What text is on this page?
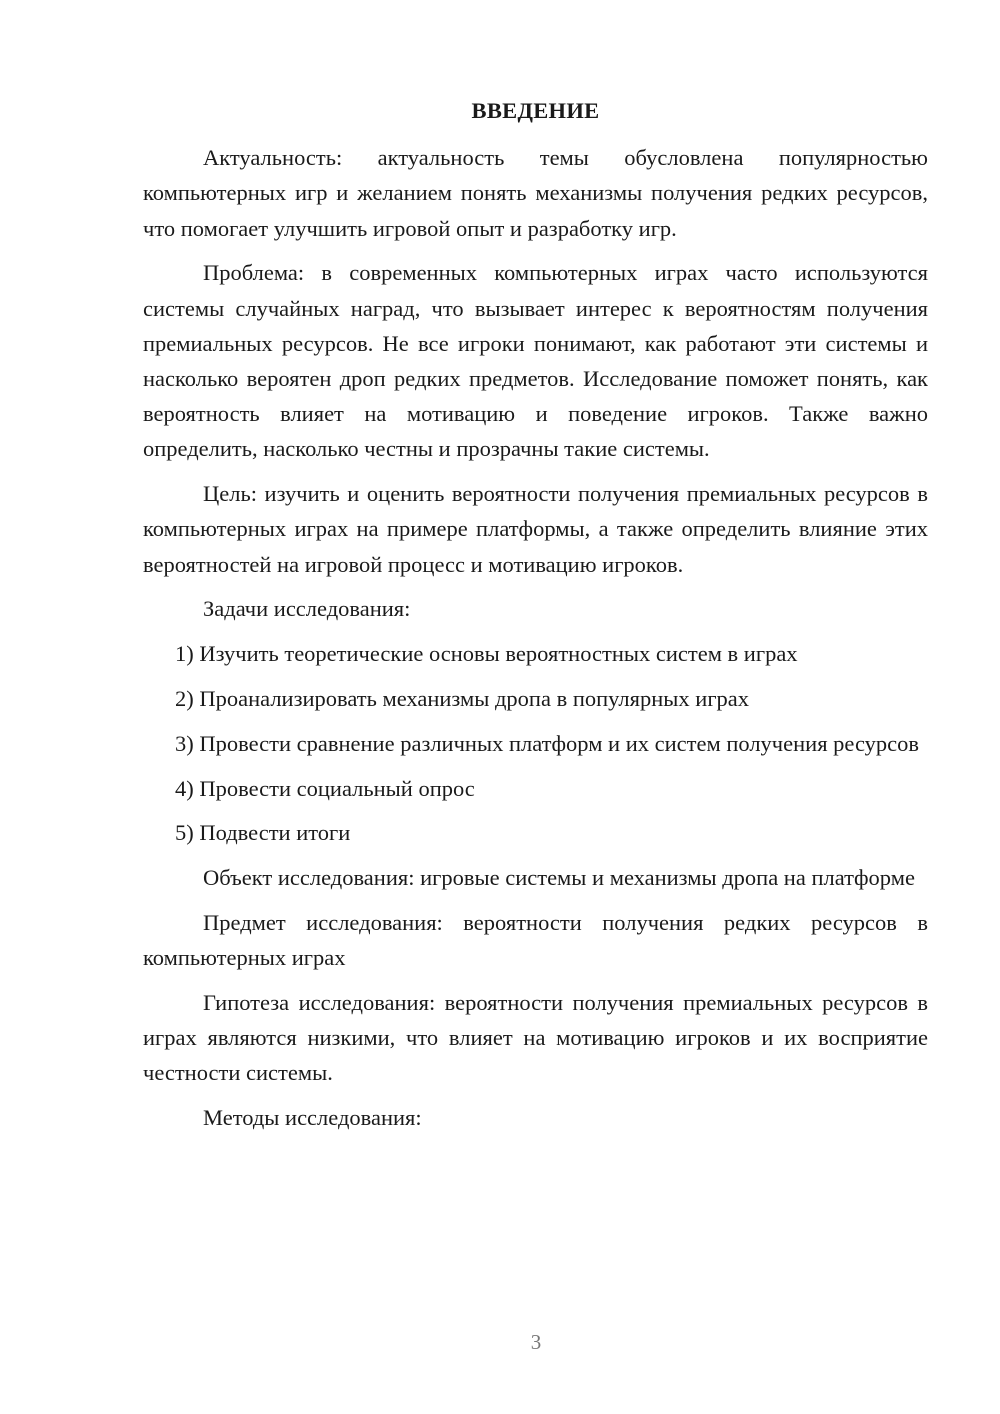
ВВЕДЕНИЕ

Актуальность: актуальность темы обусловлена популярностью компьютерных игр и желанием понять механизмы получения редких ресурсов, что помогает улучшить игровой опыт и разработку игр.

Проблема: в современных компьютерных играх часто используются системы случайных наград, что вызывает интерес к вероятностям получения премиальных ресурсов. Не все игроки понимают, как работают эти системы и насколько вероятен дроп редких предметов. Исследование поможет понять, как вероятность влияет на мотивацию и поведение игроков. Также важно определить, насколько честны и прозрачны такие системы.

Цель: изучить и оценить вероятности получения премиальных ресурсов в компьютерных играх на примере платформы, а также определить влияние этих вероятностей на игровой процесс и мотивацию игроков.

Задачи исследования:

1) Изучить теоретические основы вероятностных систем в играх

2) Проанализировать механизмы дропа в популярных играх

3) Провести сравнение различных платформ и их систем получения ресурсов

4) Провести социальный опрос

5) Подвести итоги

Объект исследования: игровые системы и механизмы дропа на платформе

Предмет исследования: вероятности получения редких ресурсов в компьютерных играх

Гипотеза исследования: вероятности получения премиальных ресурсов в играх являются низкими, что влияет на мотивацию игроков и их восприятие честности системы.

Методы исследования:

3
